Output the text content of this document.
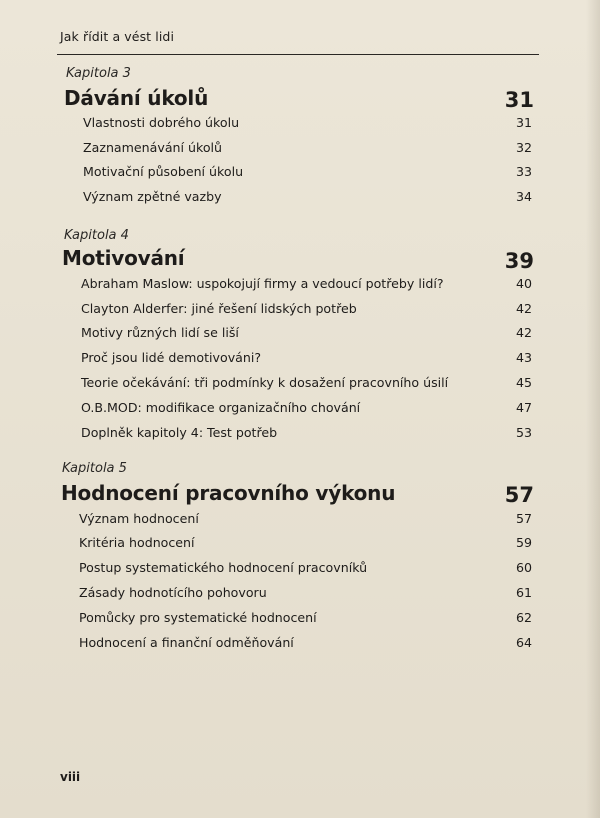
Jak řídit a vést lidi
Kapitola 3
Dávání úkolů	31
Vlastnosti dobrého úkolu	31
Zaznamenávání úkolů	32
Motivační působení úkolu	33
Význam zpětné vazby	34
Kapitola 4
Motivování	39
Abraham Maslow: uspokojují firmy a vedoucí potřeby lidí?	40
Clayton Alderfer: jiné řešení lidských potřeb	42
Motivy různých lidí se liší	42
Proč jsou lidé demotivováni?	43
Teorie očekávání: tři podmínky k dosažení pracovního úsilí	45
O.B.MOD: modifikace organizačního chování	47
Doplněk kapitoly 4: Test potřeb	53
Kapitola 5
Hodnocení pracovního výkonu	57
Význam hodnocení	57
Kritéria hodnocení	59
Postup systematického hodnocení pracovníků	60
Zásady hodnotícího pohovoru	61
Pomůcky pro systematické hodnocení	62
Hodnocení a finanční odměňování	64
viii
